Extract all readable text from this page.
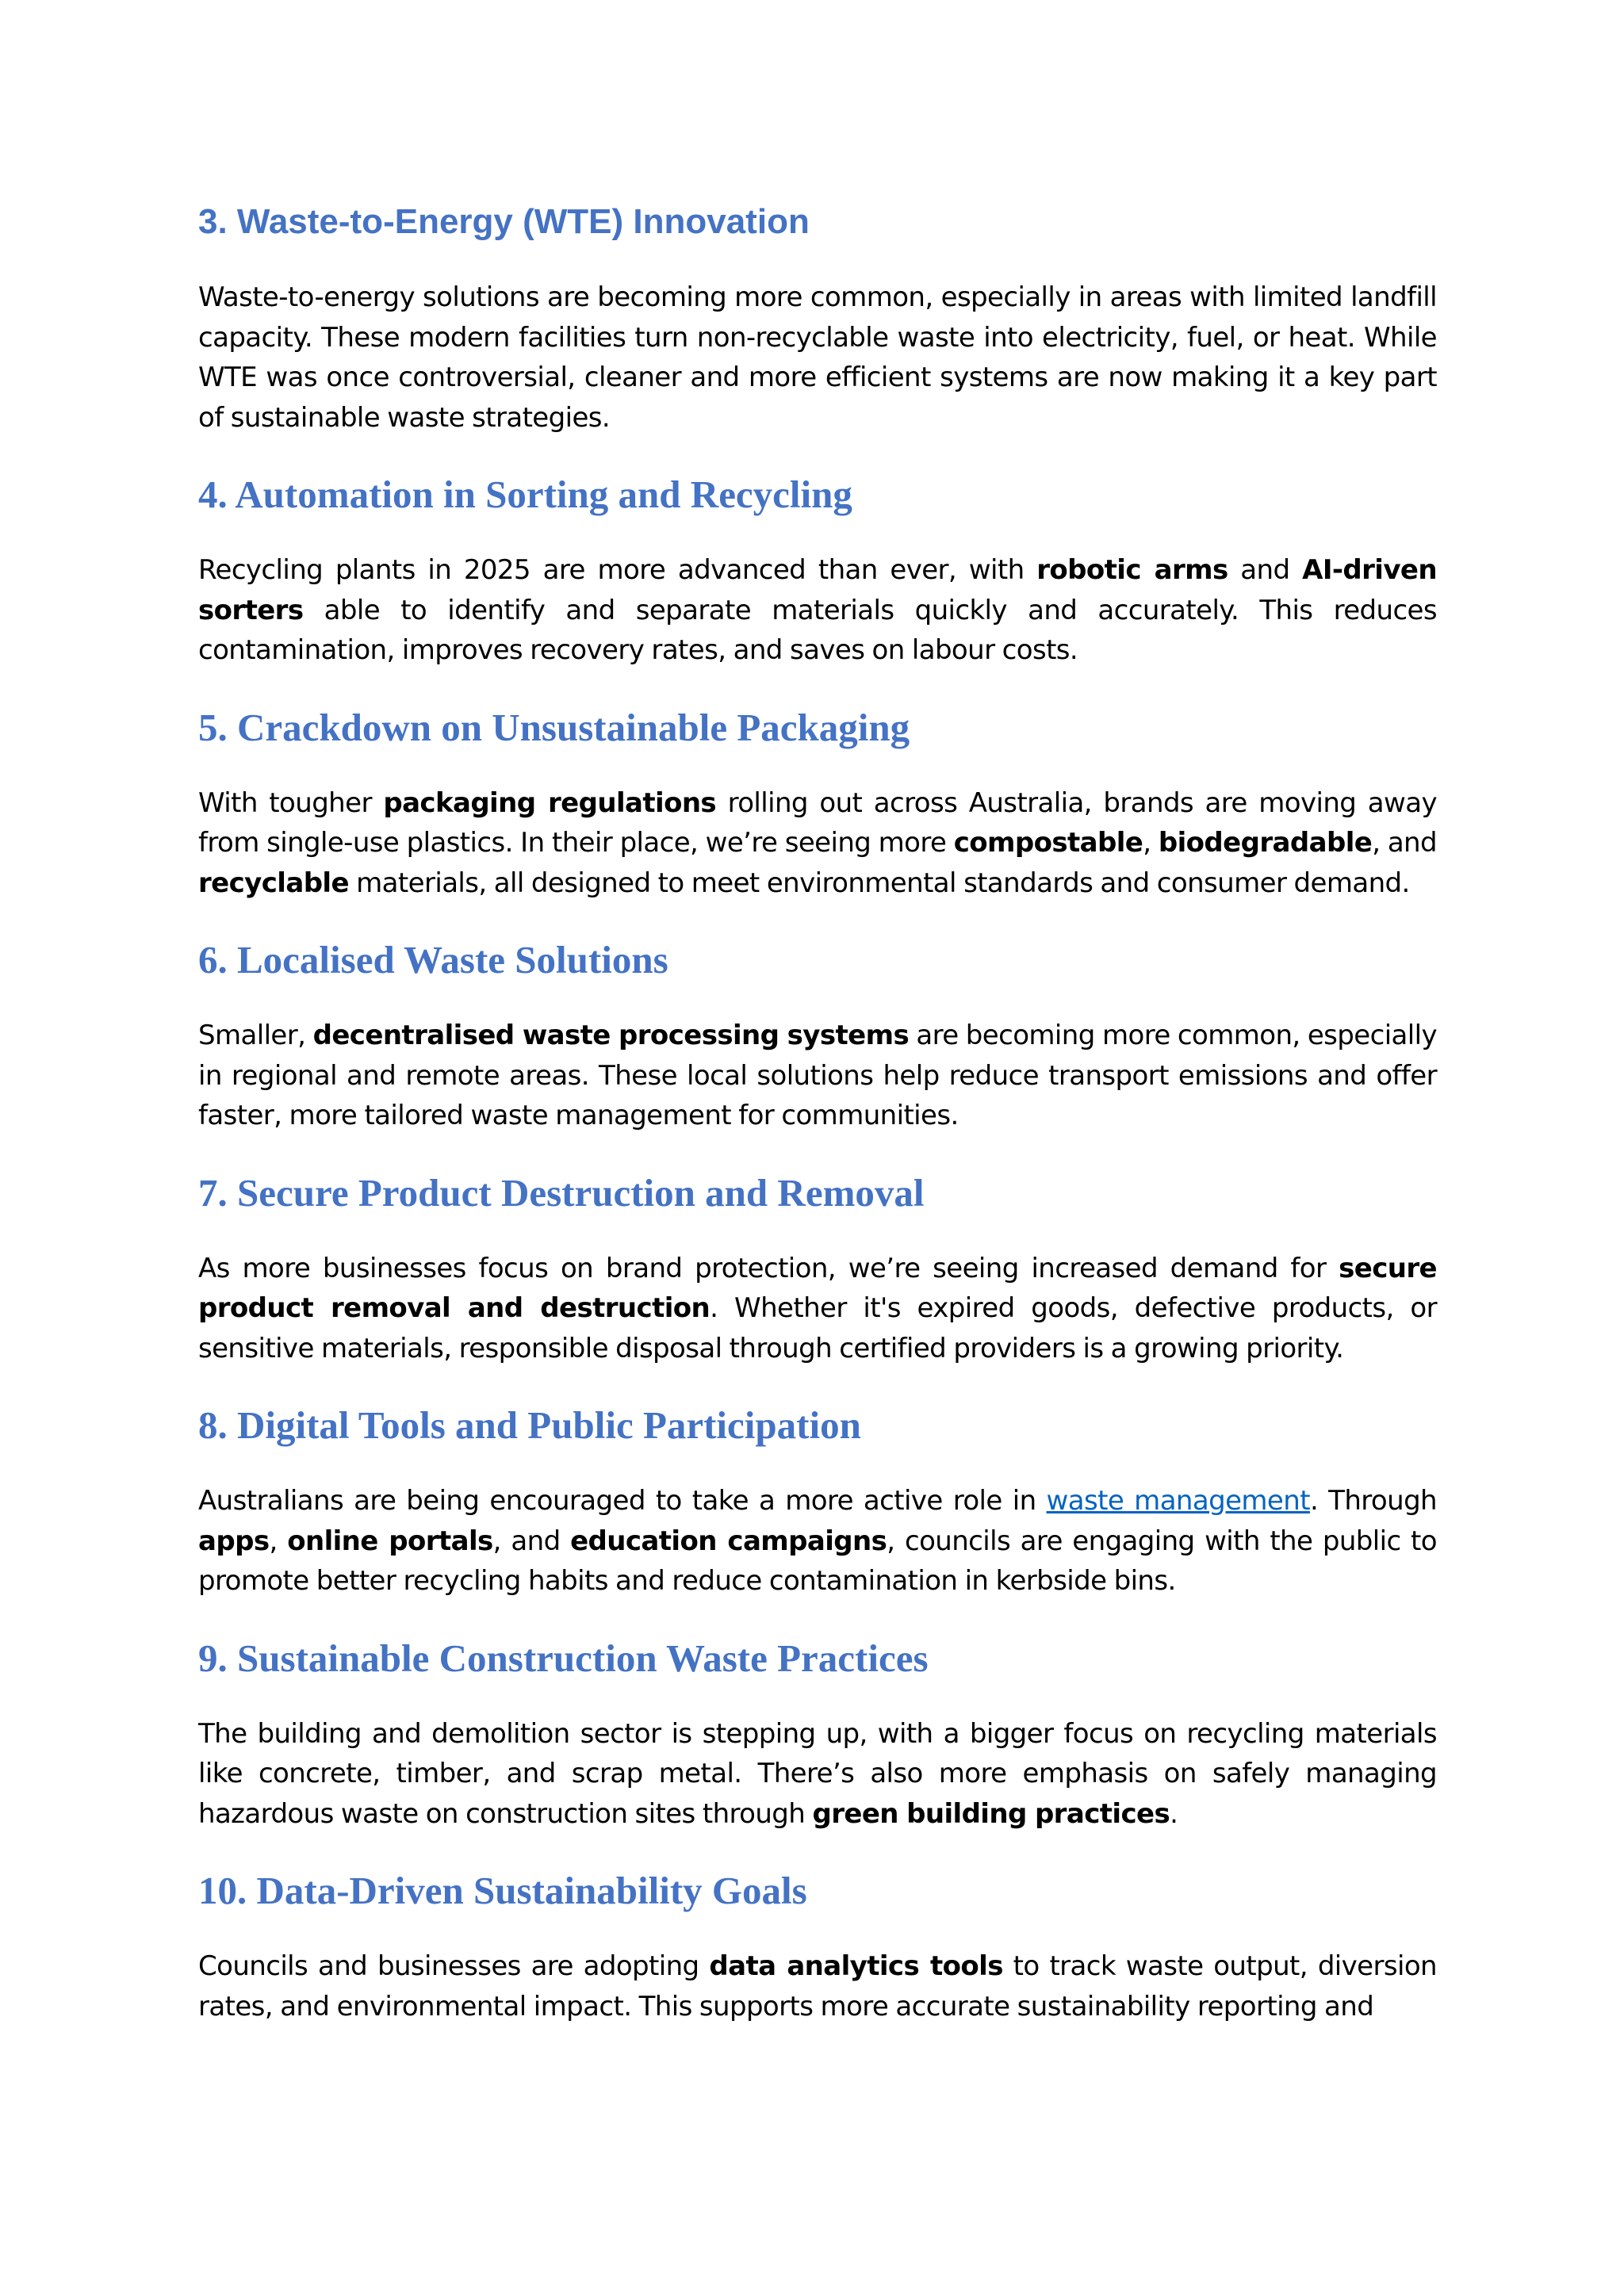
3. Waste-to-Energy (WTE) Innovation

Waste-to-energy solutions are becoming more common, especially in areas with limited landfill capacity. These modern facilities turn non-recyclable waste into electricity, fuel, or heat. While WTE was once controversial, cleaner and more efficient systems are now making it a key part of sustainable waste strategies.

4. Automation in Sorting and Recycling

Recycling plants in 2025 are more advanced than ever, with robotic arms and AI-driven sorters able to identify and separate materials quickly and accurately. This reduces contamination, improves recovery rates, and saves on labour costs.

5. Crackdown on Unsustainable Packaging

With tougher packaging regulations rolling out across Australia, brands are moving away from single-use plastics. In their place, we’re seeing more compostable, biodegradable, and recyclable materials, all designed to meet environmental standards and consumer demand.

6. Localised Waste Solutions

Smaller, decentralised waste processing systems are becoming more common, especially in regional and remote areas. These local solutions help reduce transport emissions and offer faster, more tailored waste management for communities.

7. Secure Product Destruction and Removal

As more businesses focus on brand protection, we’re seeing increased demand for secure product removal and destruction. Whether it's expired goods, defective products, or sensitive materials, responsible disposal through certified providers is a growing priority.

8. Digital Tools and Public Participation

Australians are being encouraged to take a more active role in waste management. Through apps, online portals, and education campaigns, councils are engaging with the public to promote better recycling habits and reduce contamination in kerbside bins.

9. Sustainable Construction Waste Practices

The building and demolition sector is stepping up, with a bigger focus on recycling materials like concrete, timber, and scrap metal. There’s also more emphasis on safely managing hazardous waste on construction sites through green building practices.

10. Data-Driven Sustainability Goals

Councils and businesses are adopting data analytics tools to track waste output, diversion rates, and environmental impact. This supports more accurate sustainability reporting and
